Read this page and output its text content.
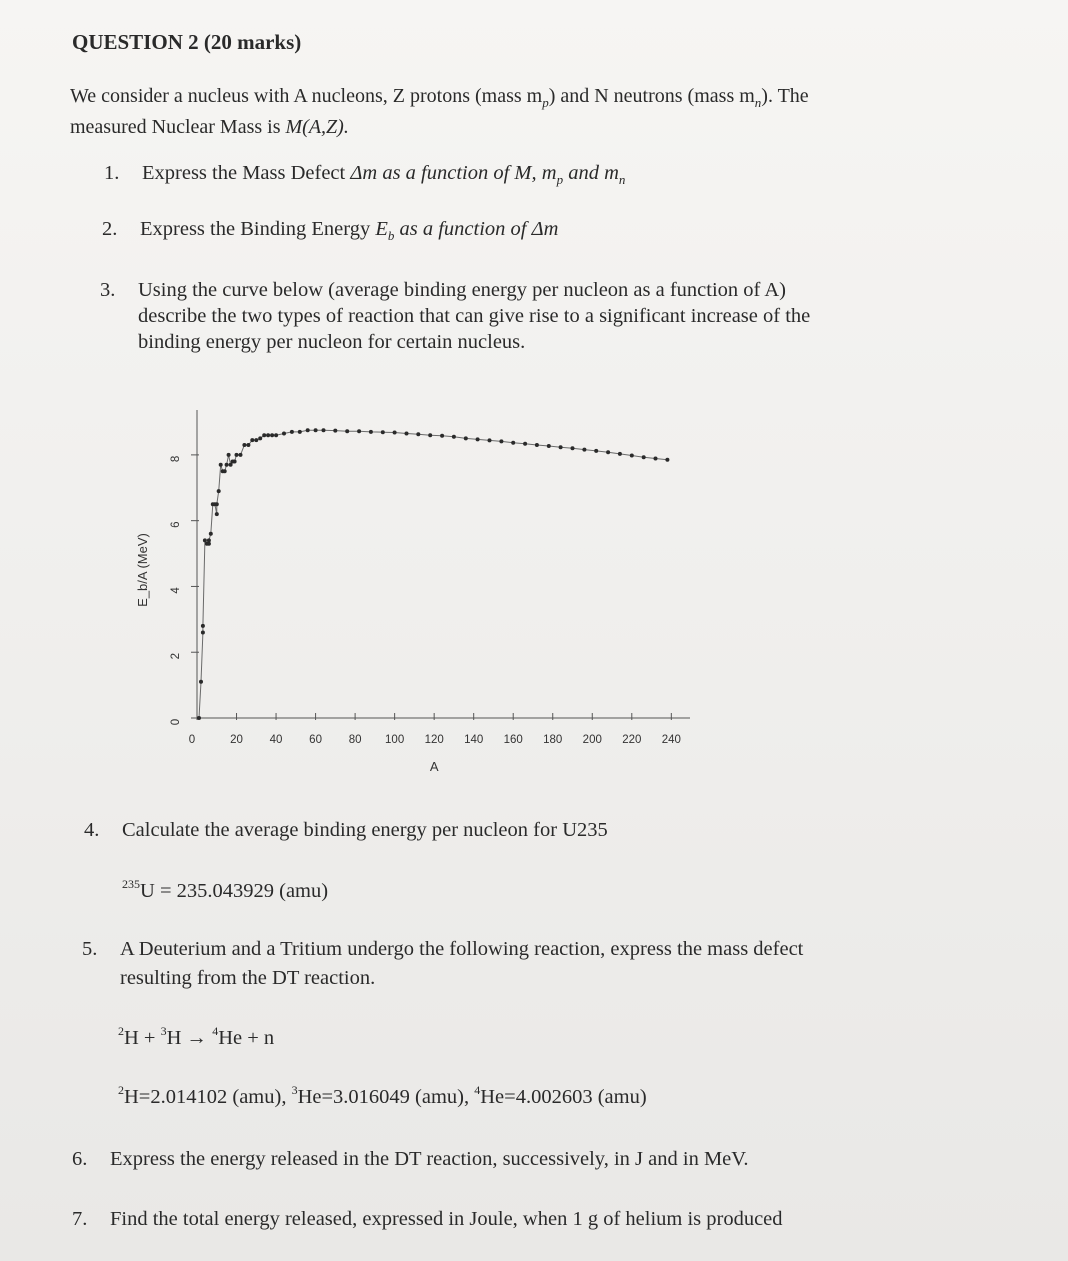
QUESTION 2 (20 marks)
We consider a nucleus with A nucleons, Z protons (mass $m_p$) and N neutrons (mass $m_n$). The
measured Nuclear Mass is M(A,Z).
1. Express the Mass Defect Δm as a function of M, $m_p$ and $m_n$
2. Express the Binding Energy $E_b$ as a function of Δm
3. Using the curve below (average binding energy per nucleon as a function of A)
describe the two types of reaction that can give rise to a significant increase of the
binding energy per nucleon for certain nucleus.
0
2
4
6
8
0	20 40 60 80 100 120 140 160 180 200 220 240
A
E_b/A (MeV)
4. Calculate the average binding energy per nucleon for U235
$^{235}$U = 235.043929 (amu)
5. A Deuterium and a Tritium undergo the following reaction, express the mass defect
resulting from the DT reaction.
$^2$H + $^3$H → $^4$He + n
$^2$H=2.014102 (amu), $^3$He=3.016049 (amu), $^4$He=4.002603 (amu)
6. Express the energy released in the DT reaction, successively, in J and in MeV.
7. Find the total energy released, expressed in Joule, when 1 g of helium is produced
